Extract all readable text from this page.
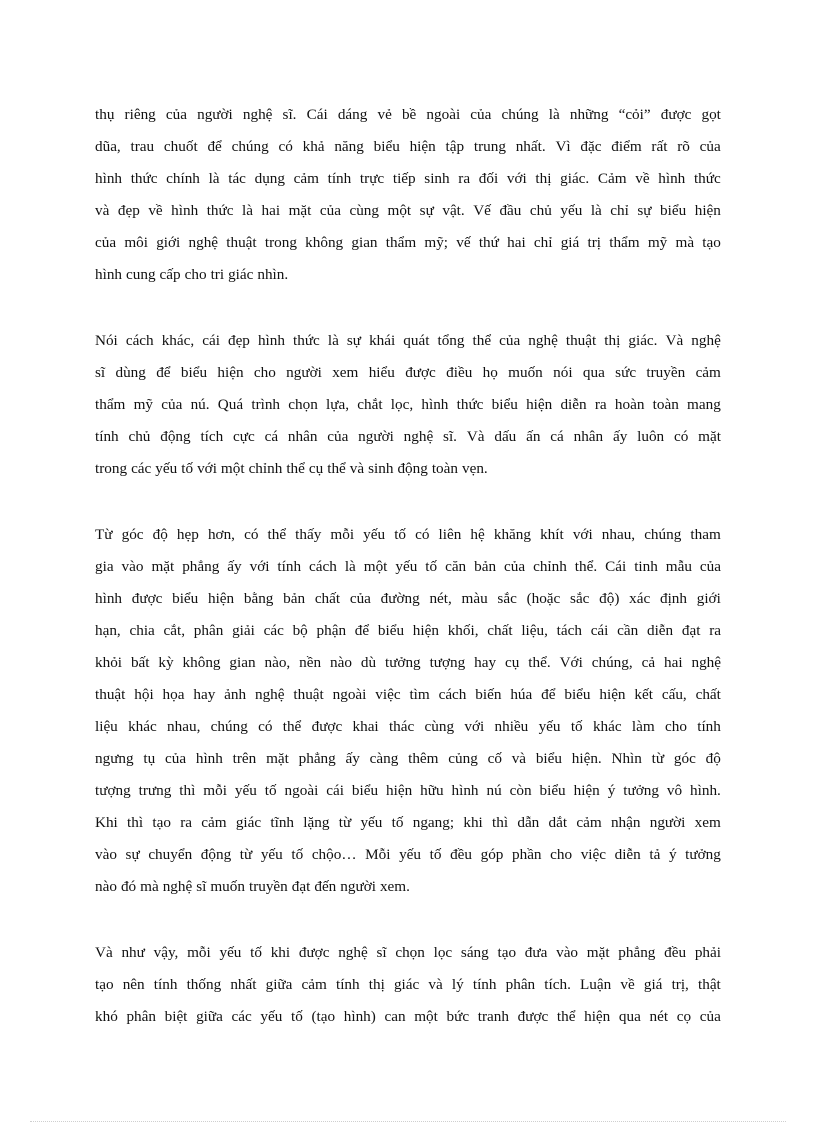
thụ riêng của người nghệ sĩ. Cái dáng vẻ bề ngoài của chúng là những “cỏi” được gọt
dũa, trau chuốt để chúng có khả năng biểu hiện tập trung nhất. Vì đặc điểm rất rõ của
hình thức chính là tác dụng cảm tính trực tiếp sinh ra đối với thị giác. Cảm về hình thức
và đẹp về hình thức là hai mặt của cùng một sự vật. Vế đầu chủ yếu là chỉ sự biểu hiện
của môi giới nghệ thuật trong không gian thẩm mỹ; vế thứ hai chỉ giá trị thẩm mỹ mà tạo
hình cung cấp cho tri giác nhìn.
Nói cách khác, cái đẹp hình thức là sự khái quát tổng thể của nghệ thuật thị giác. Và nghệ
sĩ dùng để biểu hiện cho người xem hiểu được điều họ muốn nói qua sức truyền cảm
thẩm mỹ của nú. Quá trình chọn lựa, chắt lọc, hình thức biểu hiện diễn ra hoàn toàn mang
tính chủ động tích cực cá nhân của người nghệ sĩ. Và dấu ấn cá nhân ấy luôn có mặt
trong các yếu tố với một chỉnh thể cụ thể và sinh động toàn vẹn.
Từ góc độ hẹp hơn, có thể thấy mỗi yếu tố có liên hệ khăng khít với nhau, chúng tham
gia vào mặt phẳng ấy với tính cách là một yếu tố căn bản của chỉnh thể. Cái tinh mẫu của
hình được biểu hiện bằng bản chất của đường nét, màu sắc (hoặc sắc độ) xác định giới
hạn, chia cắt, phân giải các bộ phận để biểu hiện khối, chất liệu, tách cái cần diễn đạt ra
khỏi bất kỳ không gian nào, nền nào dù tưởng tượng hay cụ thể. Với chúng, cả hai nghệ
thuật hội họa hay ảnh nghệ thuật ngoài việc tìm cách biến húa để biểu hiện kết cấu, chất
liệu khác nhau, chúng có thể được khai thác cùng với nhiều yếu tố khác làm cho tính
ngưng tụ của hình trên mặt phẳng ấy càng thêm củng cố và biểu hiện. Nhìn từ góc độ
tượng trưng thì mỗi yếu tố ngoài cái biểu hiện hữu hình nú còn biểu hiện ý tưởng vô hình.
Khi thì tạo ra cảm giác tĩnh lặng từ yếu tố ngang; khi thì dẫn dắt cảm nhận người xem
vào sự chuyển động từ yếu tố chộo… Mỗi yếu tố đều góp phần cho việc diễn tả ý tưởng
nào đó mà nghệ sĩ muốn truyền đạt đến người xem.
Và như vậy, mỗi yếu tố khi được nghệ sĩ chọn lọc sáng tạo đưa vào mặt phẳng đều phải
tạo nên tính thống nhất giữa cảm tính thị giác và lý tính phân tích. Luận về giá trị, thật
khó phân biệt giữa các yếu tố (tạo hình) can một bức tranh được thể hiện qua nét cọ của
